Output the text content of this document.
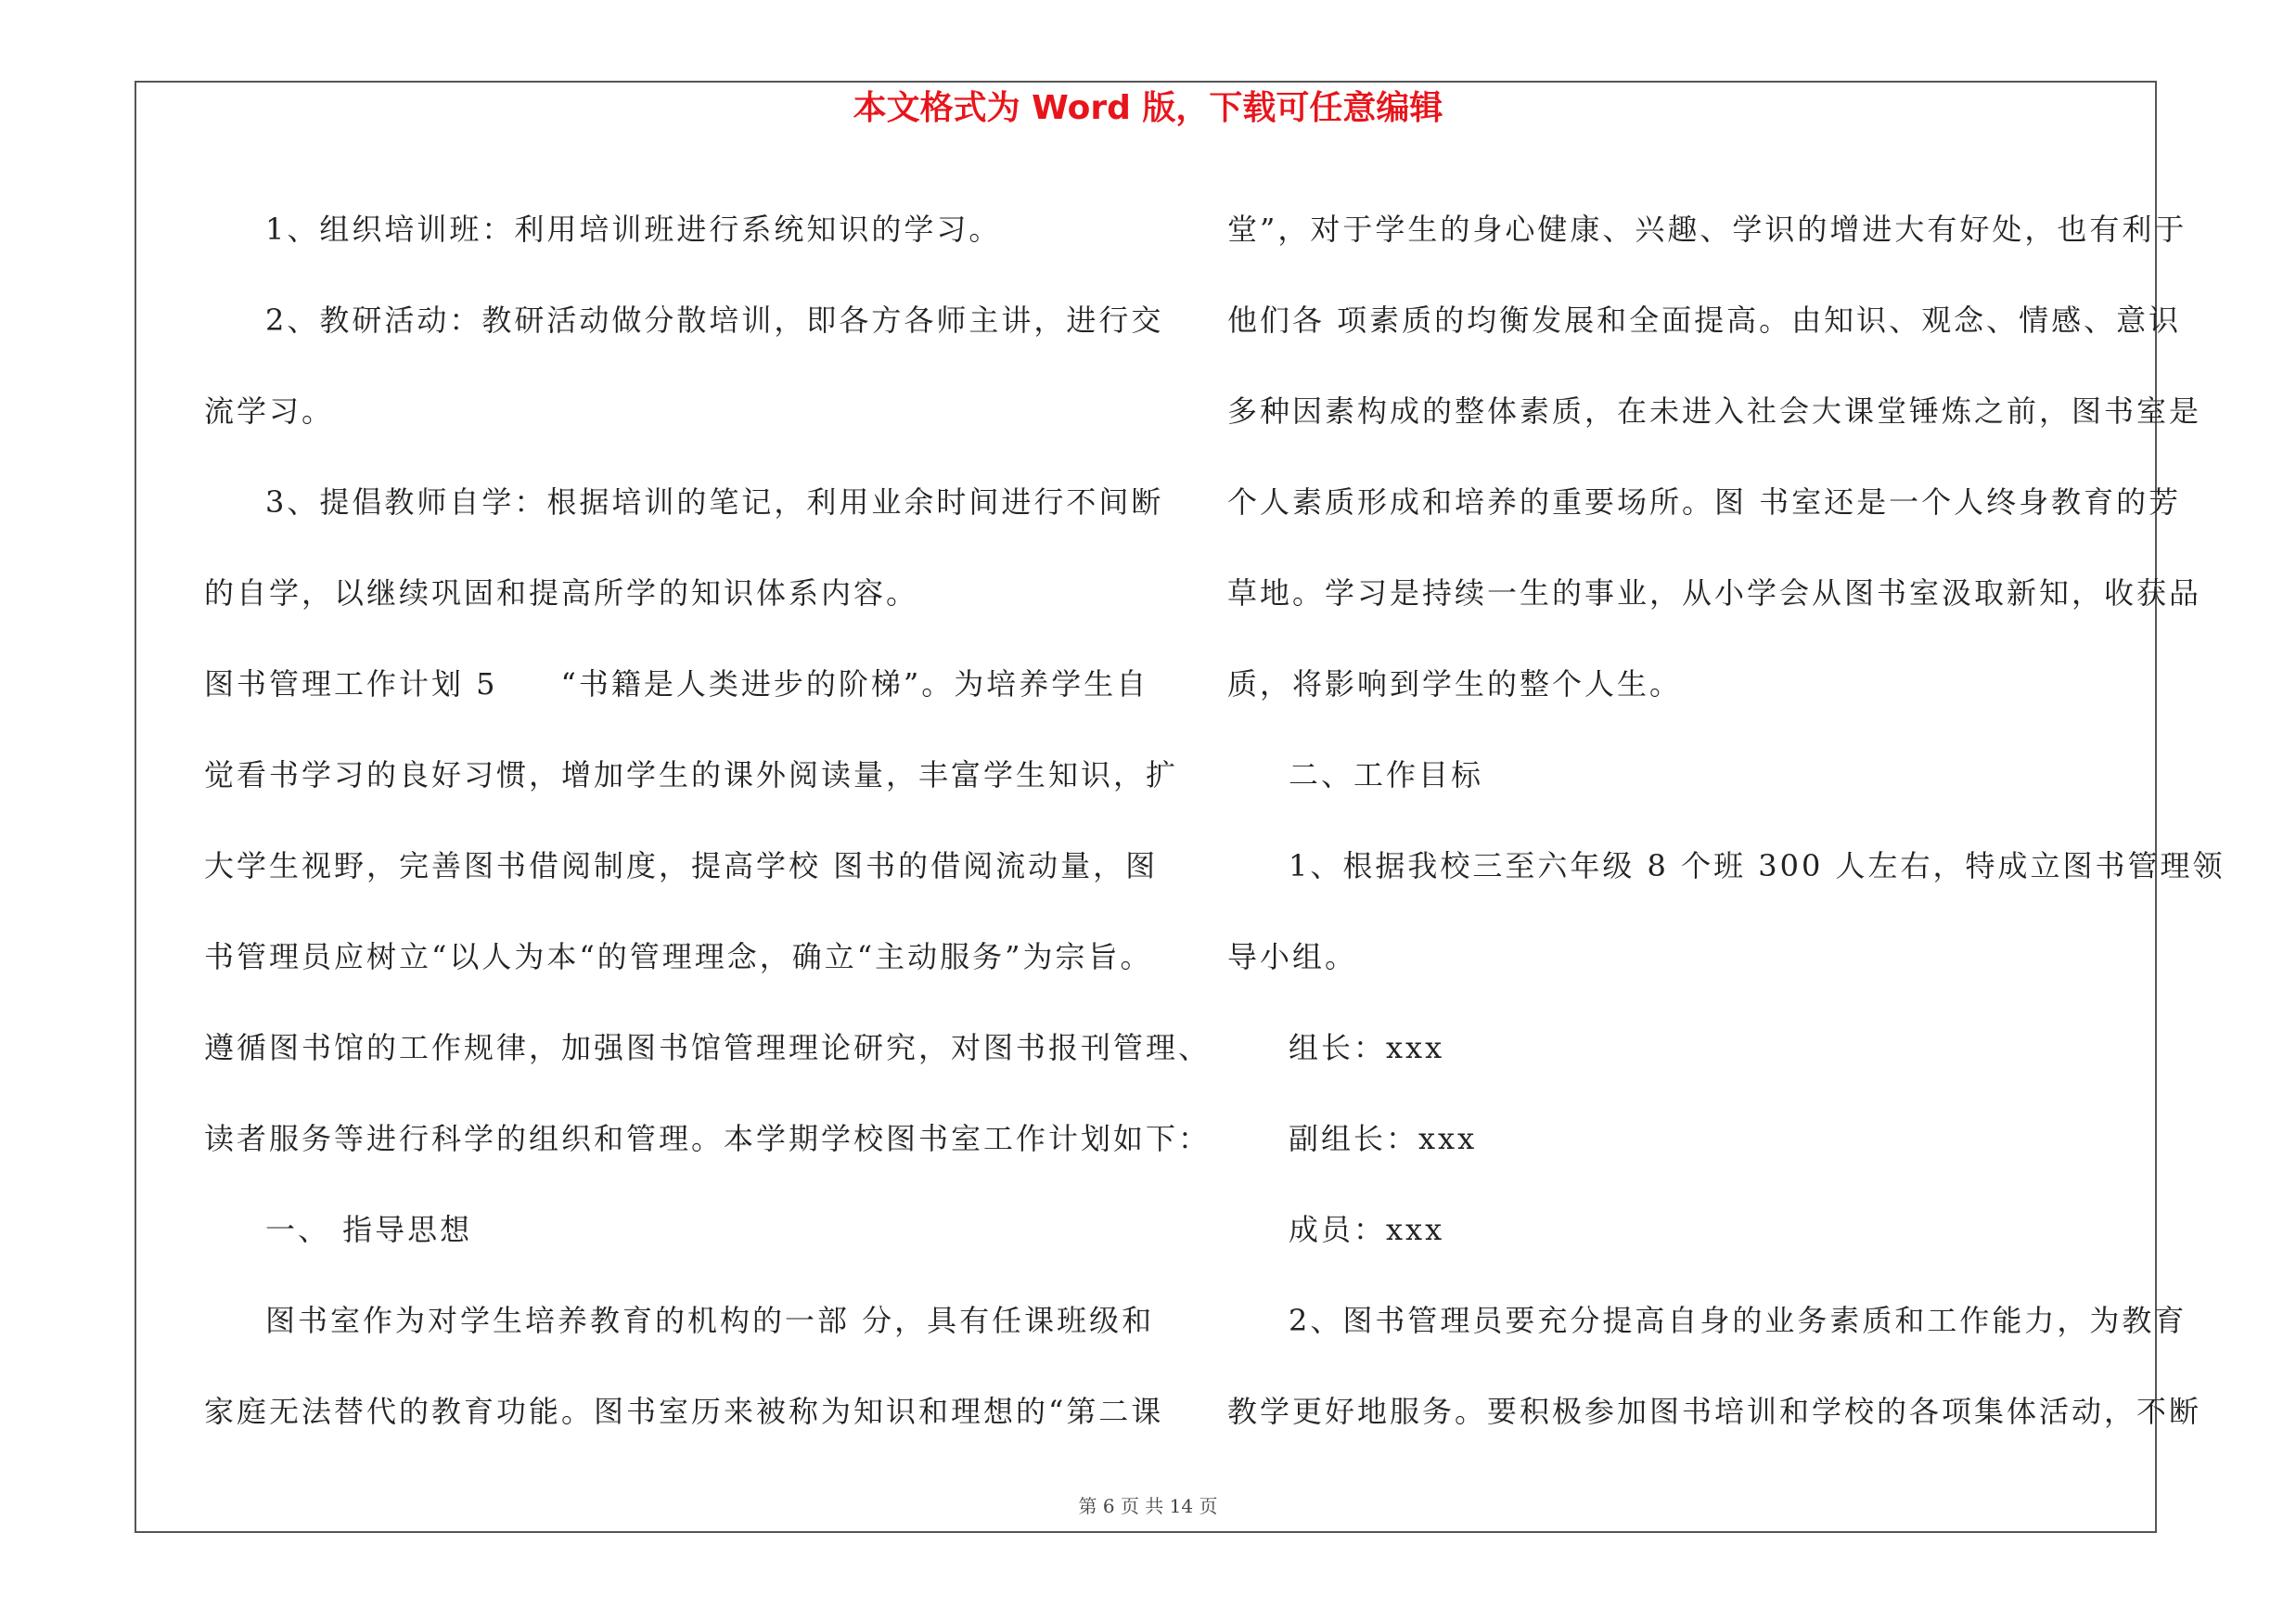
本文格式为 Word 版，下载可任意编辑

1、组织培训班：利用培训班进行系统知识的学习。

2、教研活动：教研活动做分散培训，即各方各师主讲，进行交

流学习。

3、提倡教师自学：根据培训的笔记，利用业余时间进行不间断

的自学，以继续巩固和提高所学的知识体系内容。

图书管理工作计划 5 “书籍是人类进步的阶梯”。为培养学生自

觉看书学习的良好习惯，增加学生的课外阅读量，丰富学生知识，扩

大学生视野，完善图书借阅制度，提高学校 图书的借阅流动量，图

书管理员应树立“以人为本“的管理理念，确立“主动服务”为宗旨。

遵循图书馆的工作规律，加强图书馆管理理论研究，对图书报刊管理、

读者服务等进行科学的组织和管理。本学期学校图书室工作计划如下：

一、 指导思想

图书室作为对学生培养教育的机构的一部 分，具有任课班级和

家庭无法替代的教育功能。图书室历来被称为知识和理想的“第二课

堂”，对于学生的身心健康、兴趣、学识的增进大有好处，也有利于

他们各 项素质的均衡发展和全面提高。由知识、观念、情感、意识

多种因素构成的整体素质，在未进入社会大课堂锤炼之前，图书室是

个人素质形成和培养的重要场所。图 书室还是一个人终身教育的芳

草地。学习是持续一生的事业，从小学会从图书室汲取新知，收获品

质，将影响到学生的整个人生。

二、工作目标

1、根据我校三至六年级 8 个班 300 人左右，特成立图书管理领

导小组。

组长：xxx

副组长：xxx

成员：xxx

2、图书管理员要充分提高自身的业务素质和工作能力，为教育

教学更好地服务。要积极参加图书培训和学校的各项集体活动，不断

第 6 页 共 14 页
